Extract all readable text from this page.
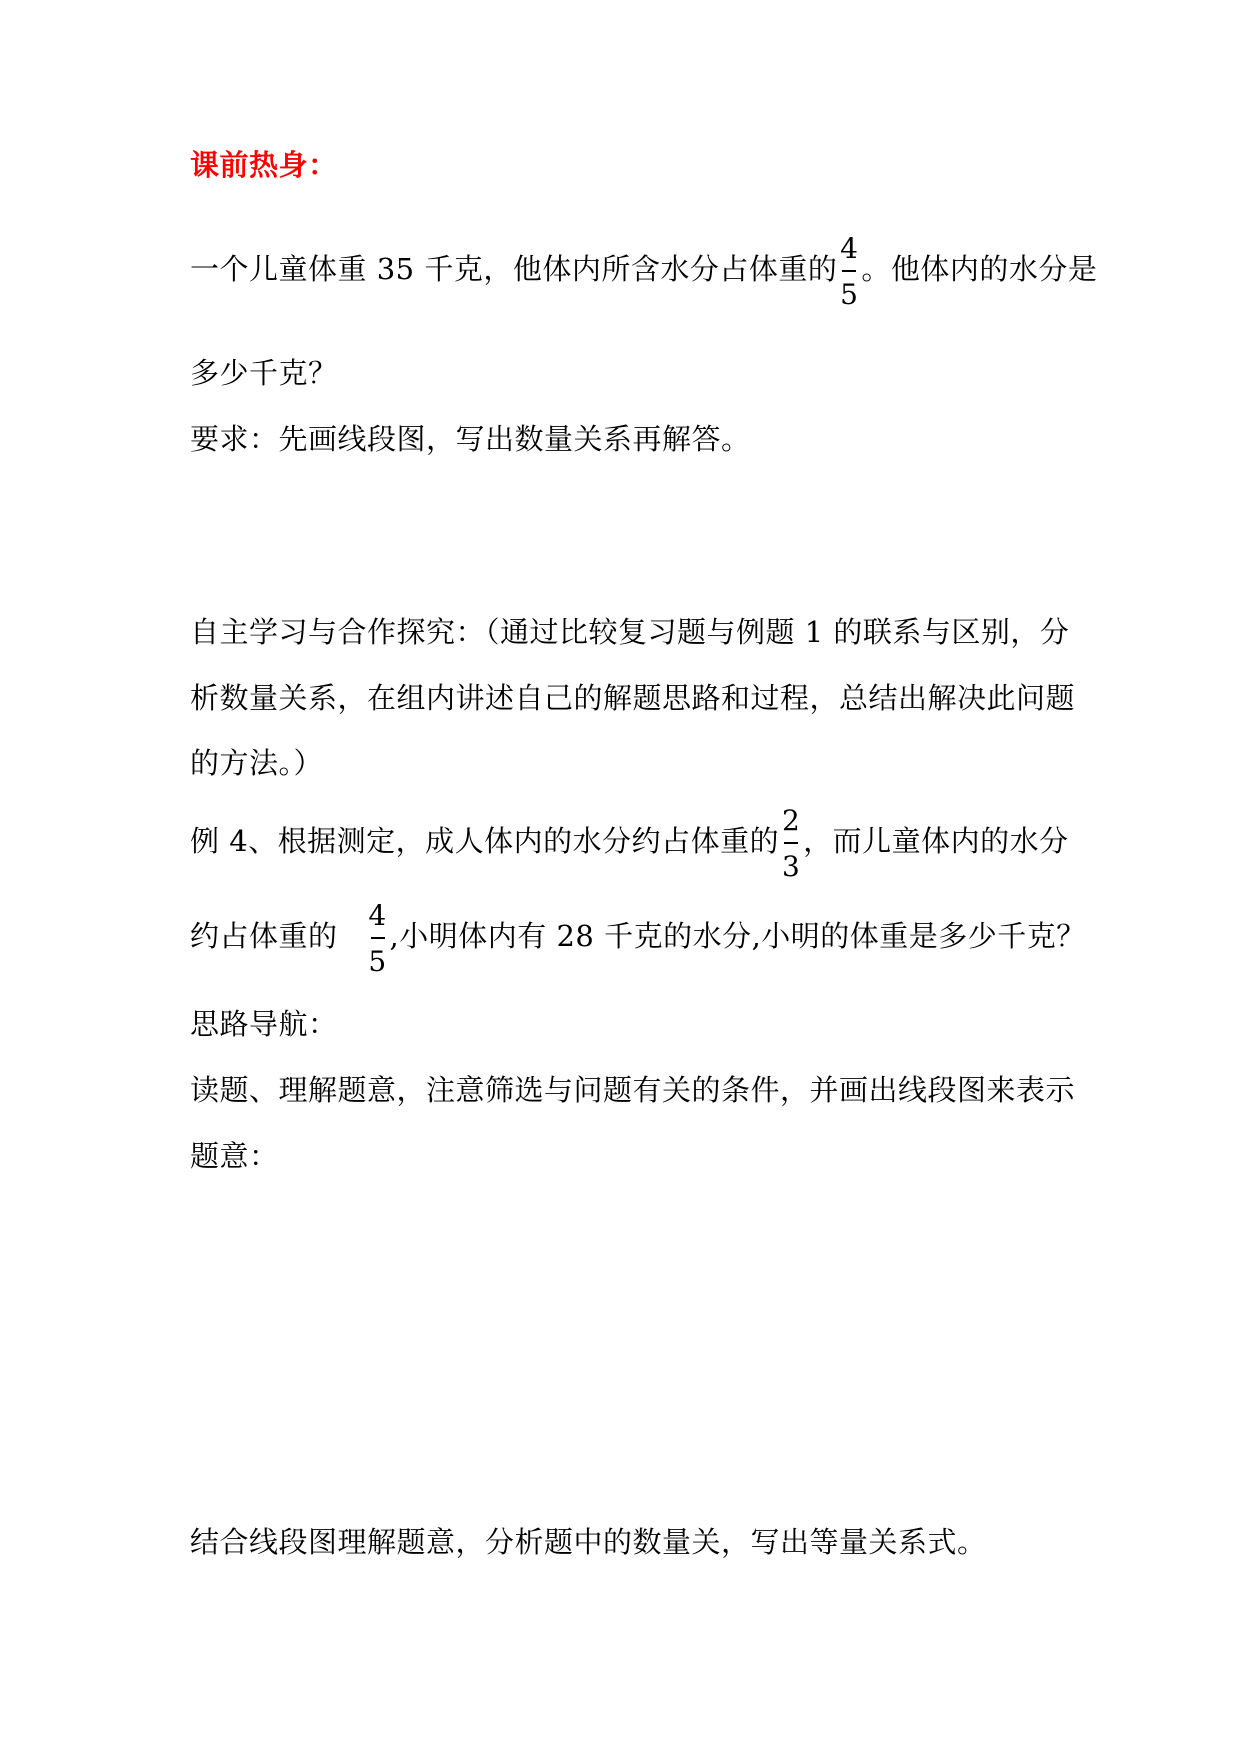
课前热身：
一个儿童体重 35 千克，他体内所含水分占体重的 $\frac{4}{5}$ 。他体内的水分是
多少千克？
要求：先画线段图，写出数量关系再解答。
自主学习与合作探究：（通过比较复习题与例题 1 的联系与区别，分
析数量关系，在组内讲述自己的解题思路和过程，总结出解决此问题
的方法。）
例 4、根据测定，成人体内的水分约占体重的 $\frac{2}{3}$ ，而儿童体内的水分
约占体重的 $\frac{4}{5}$ ,小明体内有 28 千克的水分,小明的体重是多少千克？
思路导航：
读题、理解题意，注意筛选与问题有关的条件，并画出线段图来表示
题意：
结合线段图理解题意，分析题中的数量关，写出等量关系式。
